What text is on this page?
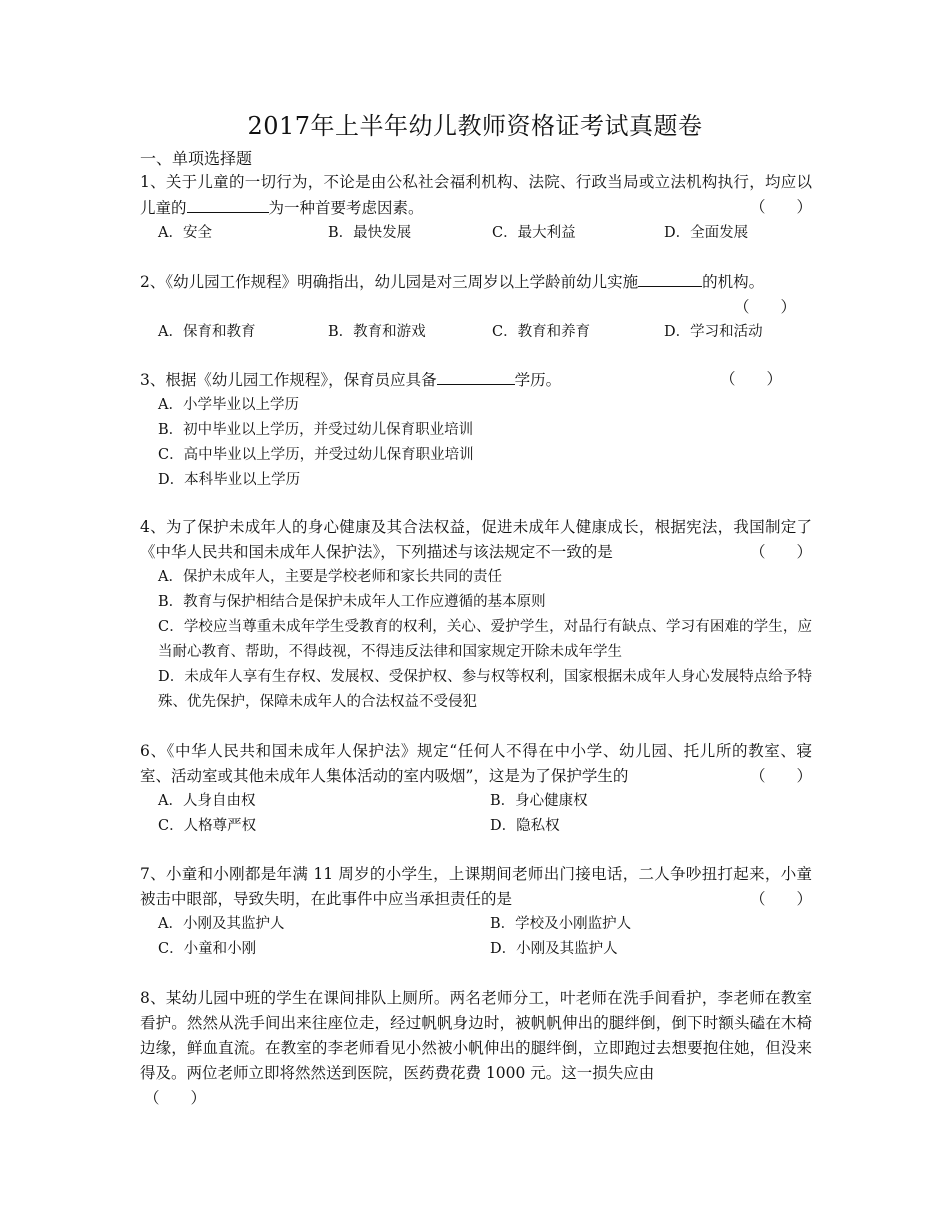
2017年上半年幼儿教师资格证考试真题卷
一、单项选择题
1、关于儿童的一切行为，不论是由公私社会福利机构、法院、行政当局或立法机构执行，均应以儿童的	为一种首要考虑因素。	（　　）
A．安全	B．最快发展	C．最大利益	D．全面发展
2、《幼儿园工作规程》明确指出，幼儿园是对三周岁以上学龄前幼儿实施	的机构。
（　　）
A．保育和教育	B．教育和游戏	C．教育和养育	D．学习和活动
3、根据《幼儿园工作规程》，保育员应具备	学历。	（　　）
A．小学毕业以上学历
B．初中毕业以上学历，并受过幼儿保育职业培训
C．高中毕业以上学历，并受过幼儿保育职业培训
D．本科毕业以上学历
4、为了保护未成年人的身心健康及其合法权益，促进未成年人健康成长，根据宪法，我国制定了《中华人民共和国未成年人保护法》，下列描述与该法规定不一致的是	（　　）
A．保护未成年人，主要是学校老师和家长共同的责任
B．教育与保护相结合是保护未成年人工作应遵循的基本原则
C．学校应当尊重未成年学生受教育的权利，关心、爱护学生，对品行有缺点、学习有困难的学生，应当耐心教育、帮助，不得歧视，不得违反法律和国家规定开除未成年学生
D．未成年人享有生存权、发展权、受保护权、参与权等权利，国家根据未成年人身心发展特点给予特殊、优先保护，保障未成年人的合法权益不受侵犯
6、《中华人民共和国未成年人保护法》规定“任何人不得在中小学、幼儿园、托儿所的教室、寝室、活动室或其他未成年人集体活动的室内吸烟”，这是为了保护学生的	（　　）
A．人身自由权	B．身心健康权
C．人格尊严权	D．隐私权
7、小童和小刚都是年满 11 周岁的小学生，上课期间老师出门接电话，二人争吵扭打起来，小童被击中眼部，导致失明，在此事件中应当承担责任的是	（　　）
A．小刚及其监护人	B．学校及小刚监护人
C．小童和小刚	D．小刚及其监护人
8、某幼儿园中班的学生在课间排队上厕所。两名老师分工，叶老师在洗手间看护，李老师在教室看护。然然从洗手间出来往座位走，经过帆帆身边时，被帆帆伸出的腿绊倒，倒下时额头磕在木椅边缘，鲜血直流。在教室的李老师看见小然被小帆伸出的腿绊倒，立即跑过去想要抱住她，但没来得及。两位老师立即将然然送到医院，医药费花费 1000 元。这一损失应由
（　　）
